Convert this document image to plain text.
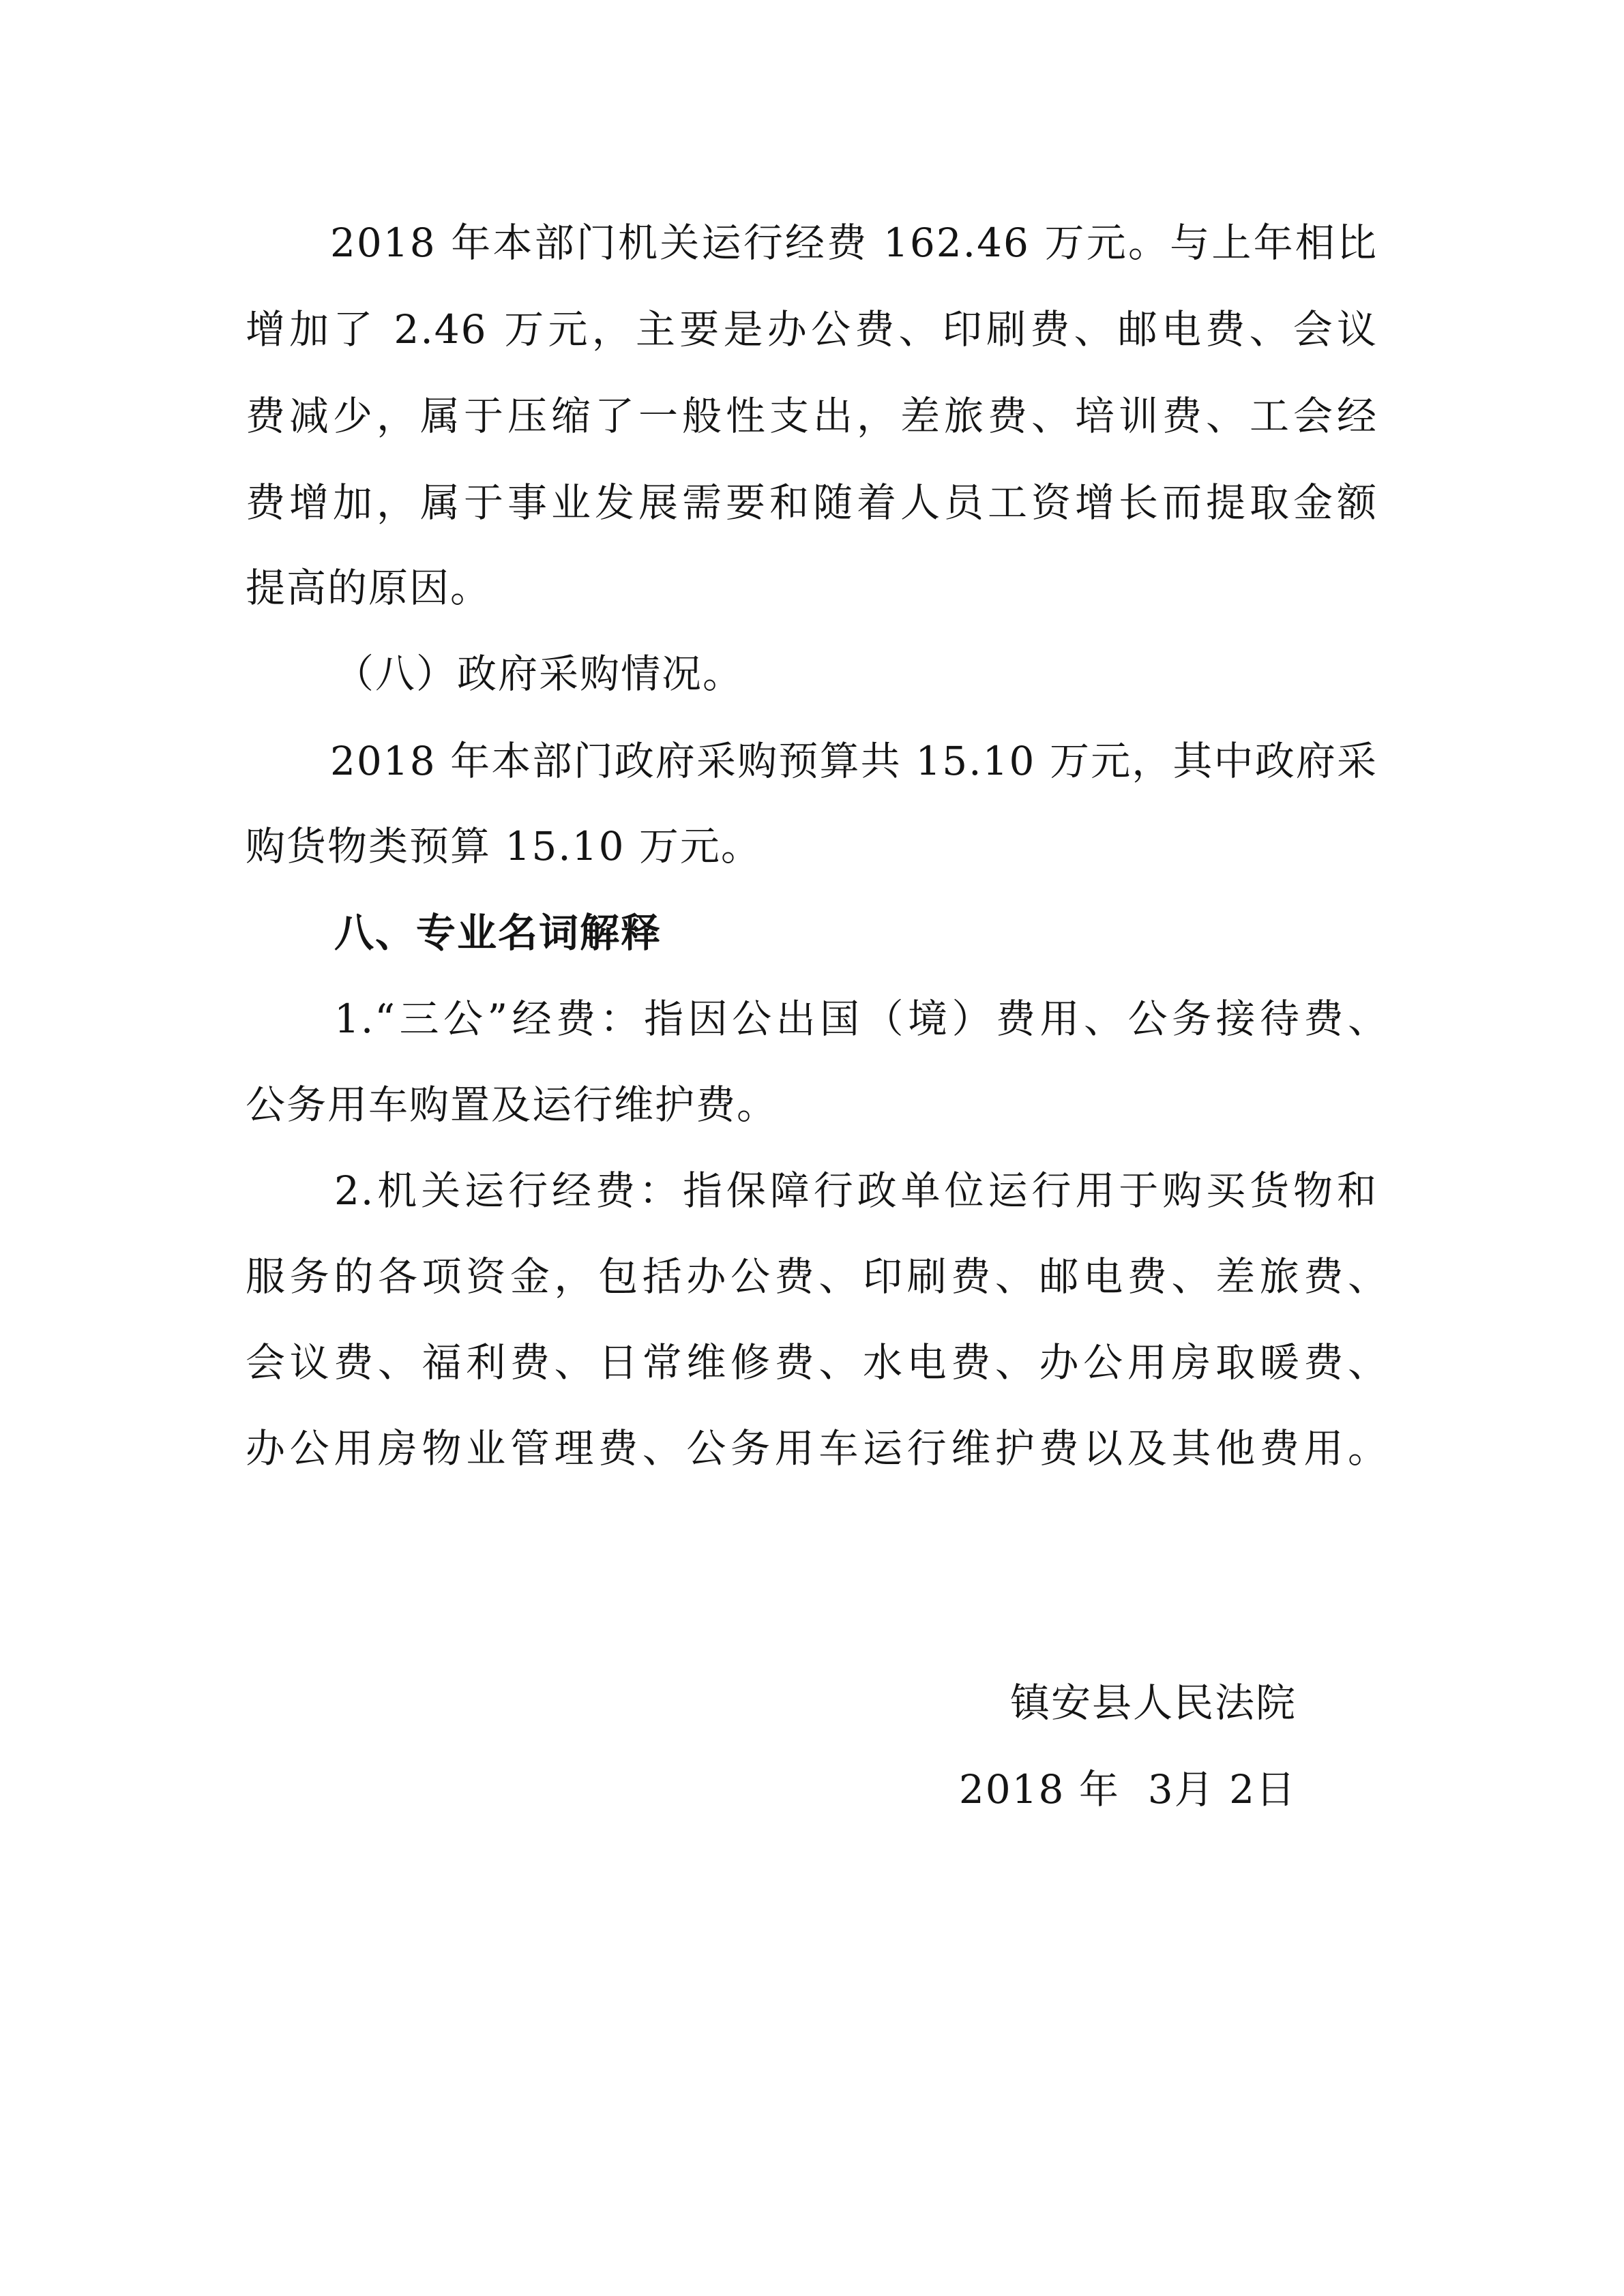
2018 年本部门机关运行经费 162.46 万元。与上年相比
增加了 2.46 万元，主要是办公费、印刷费、邮电费、会议
费减少，属于压缩了一般性支出，差旅费、培训费、工会经
费增加，属于事业发展需要和随着人员工资增长而提取金额
提高的原因。
（八）政府采购情况。
2018 年本部门政府采购预算共 15.10 万元，其中政府采
购货物类预算 15.10 万元。
八、专业名词解释
1.“三公”经费：指因公出国（境）费用、公务接待费、
公务用车购置及运行维护费。
2.机关运行经费：指保障行政单位运行用于购买货物和
服务的各项资金，包括办公费、印刷费、邮电费、差旅费、
会议费、福利费、日常维修费、水电费、办公用房取暖费、
办公用房物业管理费、公务用车运行维护费以及其他费用。
镇安县人民法院
2018 年  3月 2日
